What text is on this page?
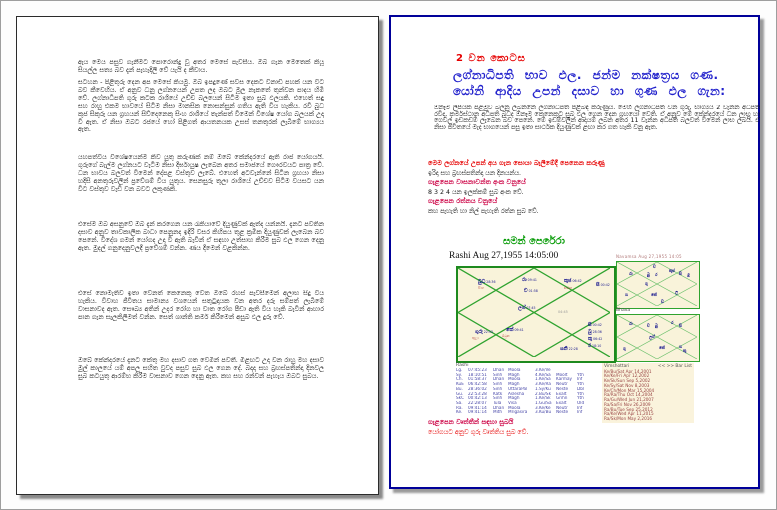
ඇය මෙය පසුව ගැනීමට පොරොන්දු වූ අතර මෙසේ පැවසීය. ඔබ ගැන මෙතෙක් කියූ සියල්ල සත්‍ය බව දැන් පැහැදිලි වේ යැයි ද කීවාය.
සටහන - පිළිතුරු දෙන අප මෙසේ කියමු. ඔබ ඉපදුණේ සවස දෙකට විනාඩි පහක් යන විට බව කීවෙහිය. ඒ අනුව ධනු ලග්නයෙන් උපත ලද ඔබට මූල නැකතේ තුන්වන පාදය හිමි වේ. ලග්නාධිපති ගුරු කටක රාශියේ උච්ච බලයෙන් සිටීම ඉතා සුබ ඵලයකි. එහෙත් සඳු සහ රාහු එකම භාවයේ සිටීම නිසා මානසික නොසන්සුන් ගතිය ඇති විය හැකිය. රවි බුධ කුජ සිකුරු යන ග්‍රහයන් සිව්දෙනෙකු සිංහ රාශියේ තැන්පත් වීමෙන් විශේෂ යෝග බලයක් උදා වී ඇත. ඒ නිසා ඔබට රජයේ හෝ පිළිගත් ආයතනයක උසස් තනතුරක් ලැබීමේ භාග්‍යය ඇත.
යහපත්විය විශේෂයෙන්ම කිව යුතු කරුණක් නම් ඔබේ කේන්දරයේ ඇති රාජ යෝගයයි. ගුරුගේ බැල්ම ලග්නයට වැටීම නිසා දීර්ඝායුෂ ලැබෙන අතර සමාජයේ ගෞරවයට පාත්‍ර වේ. ධන භාවය බලවත් වීමෙන් දේපළ වස්තුව ලැබේ. එහෙත් අටවැන්නේ සිටින ග්‍රහයා නිසා හදිසි අනතුරුවලින් ප්‍රවේශම් විය යුතුය. සෙනසුරු තුලා රාශියේ උච්චව සිටීම වයසට යන විට වස්තුව වැඩි වන බවට ලකුණකි.
එසේම ඔබ අසනුවේ ඔබ දැන් කරගෙන යන රැකියාවේ දියුණුවක් ඇත්ද යන්නයි. දැනට පවතින දසාව අනුව තාවකාලික බාධා පෙනුනද ඉදිරි වසර කිහිපය තුළ ක්‍රමික දියුණුවක් ලැබෙන බව පෙනේ. විදේශ ගමන් යෝගද උදා වී ඇති බැවින් ඒ සඳහා උත්සාහ කිරීම සුබ ඵල ගෙන දෙනු ඇත. මුදල් ගනුදෙනුවලදී ප්‍රවේශම් වන්න. ණය දීමෙන් වළකින්න.
එසේ නොමැතිව ඉතා වෙනත් කෙනෙකු වෙත ඔබේ රහස් පැවසීමෙන් අලාභ සිදු විය හැකිය. විවාහ ජීවිතය සාමාන්‍ය වශයෙන් සතුටුදායක වන අතර දරු සම්පත් ලැබීමේ වාසනාවද ඇත. සෞඛ්‍ය අතින් උදර රෝග හා වාත රෝග පීඩා ඇති විය හැකි බැවින් ආහාර පාන ගැන සැලකිලිමත් වන්න. සෙත් ශාන්ති කර්ම කිරීමෙන් අසුබ ඵල දුරු වේ.
ඔබේ කේන්දරයේ දැනට කේතු මහ දසාව ගත වෙමින් පවතී. මීළඟට උදා වන රාහු මහ දසාව මුල් කාලයේ යම් අපල සහිත වුවද පසුව සුබ ඵල ගෙන දේ. බදාදා සහ බ්‍රහස්පතින්දා දිනවල සුබ කටයුතු ආරම්භ කිරීම වාසනාව ගෙන දෙනු ඇත. කහ සහ රන්වන් පැහැය ඔබට සුබය.
2 වන කොටස
ලග්නාධිපති භාව ඵල. ජන්ම නක්ෂත්‍රය ගණ.
යෝනි ආදිය උපන් දසාව හා ගුණ ඵල ගැන:
ඕනෑම ලිපියක පළමුව බලනු ලබන්නේ ලග්නාධිපති පිළිබඳ කරුණුය. මෙහි ලග්නාධිපති වන ගුරු, භාග්‍යය 2 වැන්න අධිපති රවිද, කර්මස්ථාන අධිපති බුධද ඕනෑම කෙනෙකුට සුබ ඵල ගෙන දෙන ග්‍රහයෝ වෙති. ඒ අනුව මේ කේන්දරයේ ධන ලාභ හා ගෙවල් ඉඩකඩම් ලැබෙන බව පෙනේ. මේ ඉඩම්වලින් ආදායම් ලබන අතර 11 වැන්න අධිපති බලවත් වීමෙන් ලාභ ලබයි. ඒ නිසා ජීවිතයේ මැද භාගයෙන් පසු ඉතා සාර්ථක දියුණුවක් ළඟා කර ගත හැකි වනු ඇත.
මෙම ලග්නයේ උපන් අය ගැන සොයා බැලීමේදී පෙනෙන කරුණු
ඉරිදා සහ බ්‍රහස්පතින්දා යන දිනයන්ය.
ගැළපෙන වාසනාවන්ත අංක වනුයේ
8 3 2 4 යන ඉලක්කම් සුබ අංක වේ.
ගැළපෙන රත්නය වනුයේ
කහ පැහැති හා නිල් පැහැති රත්න සුබ වේ.
සමන් පෙරේරා
Rashi Aug 27,1955 14:05:00
බුධ $^{28:36}$
සිංහ
රා $^{09:41}$
ච $^{01:58}$
කුජ $^{06:42}$
කටක	සි $^{00:42}$
ලග් $^{07:45}$
04:45
ගුරු $^{22:53}$
තුලා
කේ $^{09:41}$
මිථුන
සි $^{00:42}$
බු $^{28:36}$
කු $^{06:42}$
ර $^{18:10}$
ශනි $^{22:28}$
Navamsa Aug 27,1955 14:05
ච
රා	බු ර
කුජ
සි ඕ
ගු
ශ	කේ
ල
ඩ
Bhava
රා	ච බු
ර
සි
ලග්
ගු	කේ	ශ
කු
Rashi
Lg.	07:45:23	Dhan Moola	3.Ke/Ve
Sy.	18:10:51	Sinh	Magh	4.Ke/Sa	Moolt	Yth
Ch.	01:58:37	Dhan Moola	1.Ke/Sa	Karmay	Inf
KuE 06:42:58	Sinh	Magh	3.Ke/Ra	Neutr	Yth
Bu.	28:36:02	Sinh	UttaraPal	1.Sy/Ku	Neste	Dbl
Gu.	22:53:28	Katk	Aslesha	2.Bu/Sk	Exalt	Yth
SkC 00:42:13	Sinh	Magh	1.Ke/Sk	Grihn	Yth
Sa.	22:28:07	Tula	Visa	1.Gu/Sa	Exalt	Old
Ra.	09:41:14	Dhan Moola	3.Ke/Ke	Neutr	Inf
Ke.	09:41:14	Mith	Mrigasira	3.Ku/Bu	Neste	Inf
Vimshottari	<< >> Bar List
Ke/Bu/Sat Apr 14,2001
Ke/Ke/Fri Apr 12,2002
Ke/Sk/Sun Sep 5,2002
Ke/Sy/Sat Nov 8,2003
Ke/Ch/Mon Mar 15,2004
Ra/Ra/Thu Oct 14,2004
Ra/Gu/Wed Jun 21,2007
Ra/Sa/Fri Nov 26,2009
Ra/Bu/Tue Sep 25,2012
Ra/Ke/Wed Apr 11,2015
Ra/Sk/Mon May 2,2016
ගැළපෙන වෘත්තීන් සඳහා සුබයි
යෝගයට අනුව ගුරු වෘත්තිය සුබ වේ.
